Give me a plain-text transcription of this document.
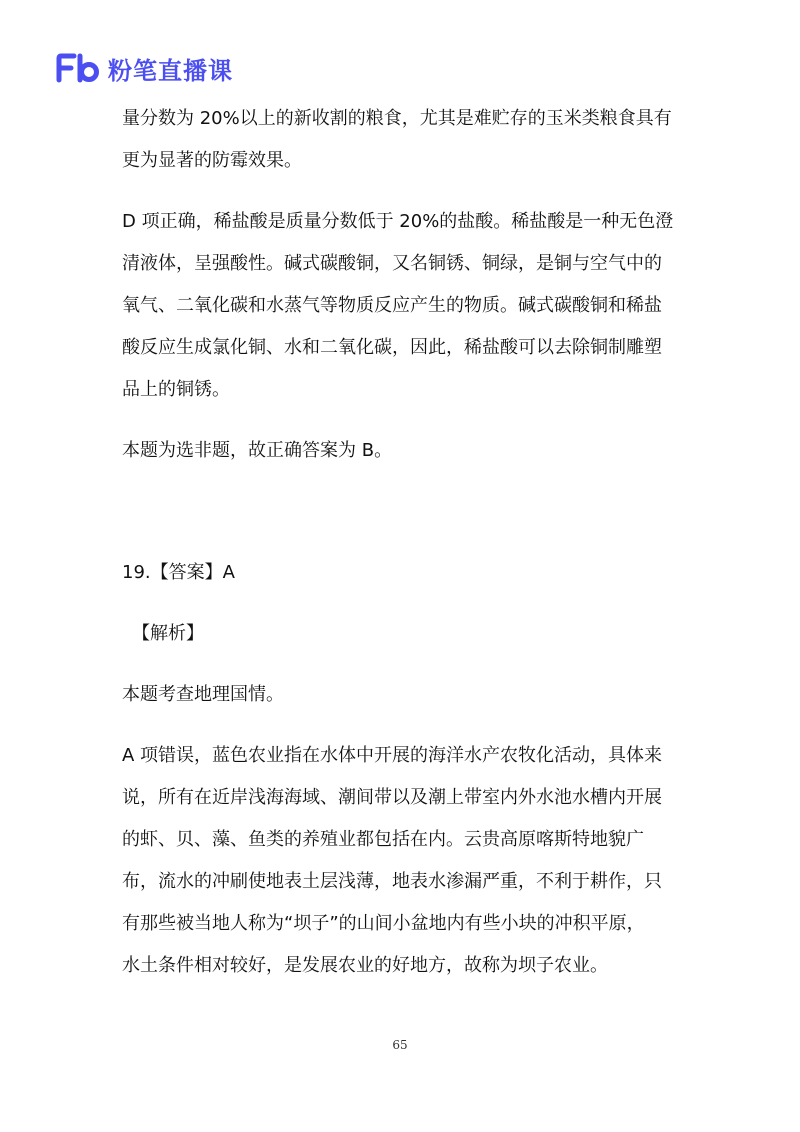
粉笔直播课
量分数为 20%以上的新收割的粮食，尤其是难贮存的玉米类粮食具有
更为显著的防霉效果。
D 项正确，稀盐酸是质量分数低于 20%的盐酸。稀盐酸是一种无色澄
清液体，呈强酸性。碱式碳酸铜，又名铜锈、铜绿，是铜与空气中的
氧气、二氧化碳和水蒸气等物质反应产生的物质。碱式碳酸铜和稀盐
酸反应生成氯化铜、水和二氧化碳，因此，稀盐酸可以去除铜制雕塑
品上的铜锈。
本题为选非题，故正确答案为 B。
19.【答案】A
【解析】
本题考查地理国情。
A 项错误，蓝色农业指在水体中开展的海洋水产农牧化活动，具体来
说，所有在近岸浅海海域、潮间带以及潮上带室内外水池水槽内开展
的虾、贝、藻、鱼类的养殖业都包括在内。云贵高原喀斯特地貌广
布，流水的冲刷使地表土层浅薄，地表水渗漏严重，不利于耕作，只
有那些被当地人称为“坝子”的山间小盆地内有些小块的冲积平原，
水土条件相对较好，是发展农业的好地方，故称为坝子农业。
65
